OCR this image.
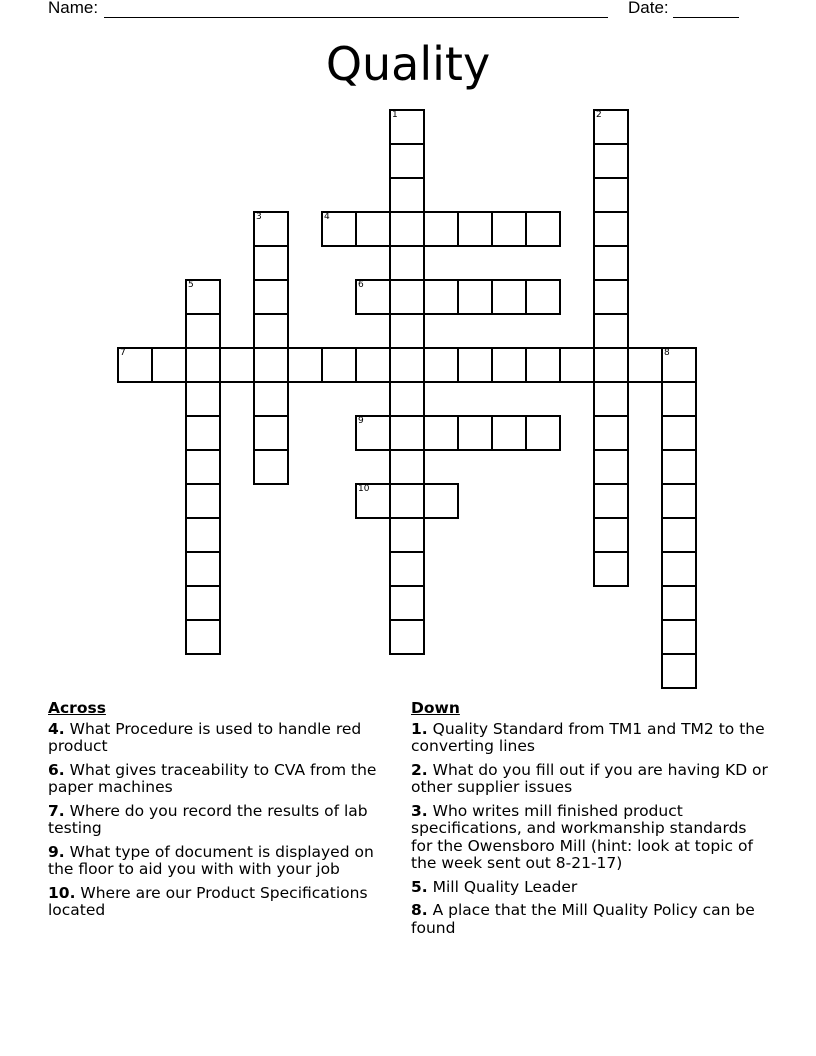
Name:	Date:
Quality
1	2
3	4
5	6
7	8
9
10
Across
4. What Procedure is used to handle red product
6. What gives traceability to CVA from the paper machines
7. Where do you record the results of lab testing
9. What type of document is displayed on the floor to aid you with with your job
10. Where are our Product Specifications located
Down
1. Quality Standard from TM1 and TM2 to the converting lines
2. What do you fill out if you are having KD or other supplier issues
3. Who writes mill finished product specifications, and workmanship standards for the Owensboro Mill (hint: look at topic of the week sent out 8-21-17)
5. Mill Quality Leader
8. A place that the Mill Quality Policy can be found
